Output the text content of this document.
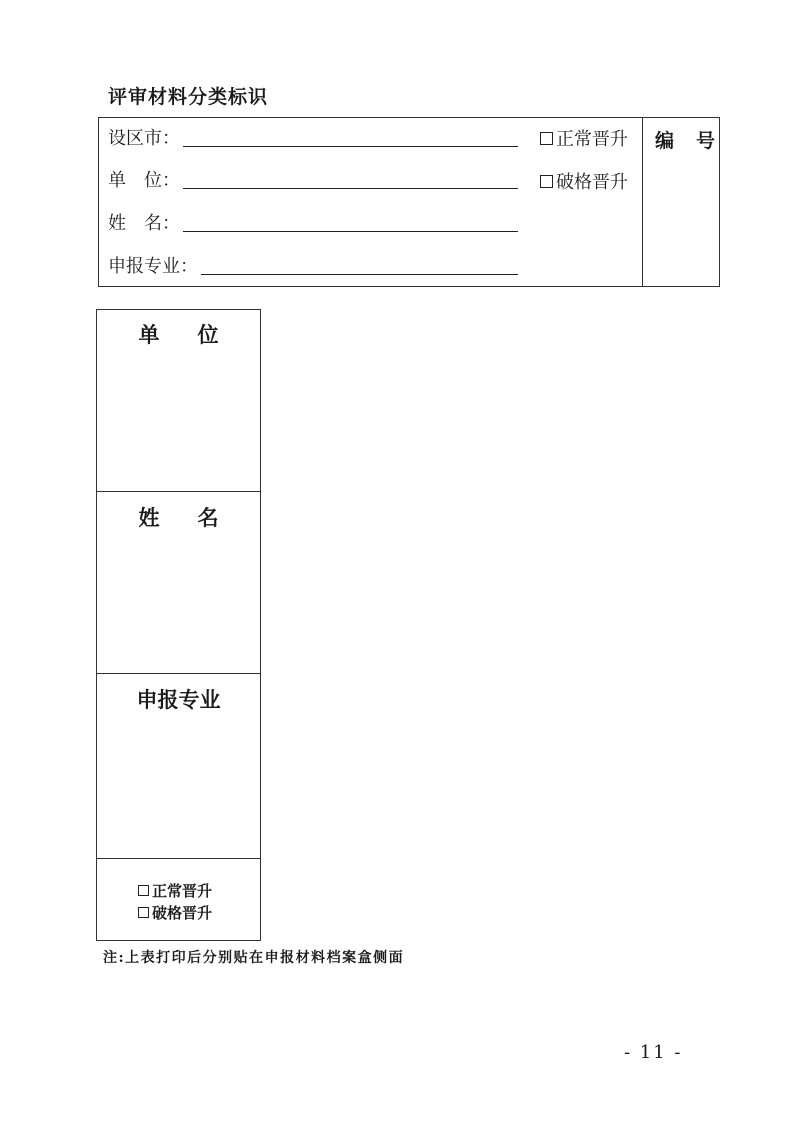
评审材料分类标识
设区市：
单　位：
姓　名：
申报专业：
正常晋升
破格晋升
编号
单位
姓名
申报专业
正常晋升
破格晋升
注:上表打印后分别贴在申报材料档案盒侧面
- 11 -
